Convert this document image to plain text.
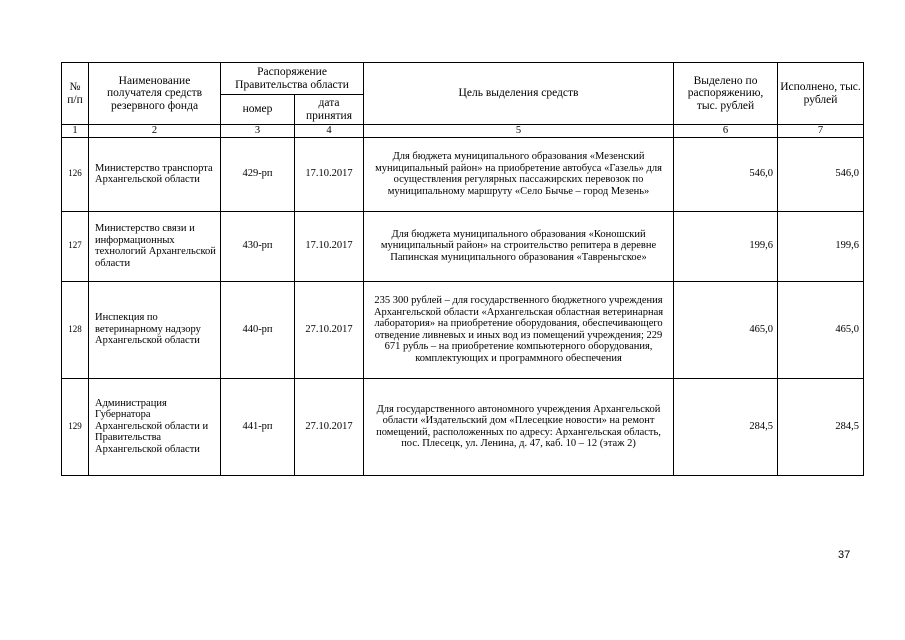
№ п/п	Наименование получателя средств резервного фонда	Распоряжение Правительства области		Цель выделения средств	Выделено по распоряжению, тыс. рублей	Исполнено, тыс. рублей
		номер	дата принятия			
1	2	3	4	5	6	7
126	Министерство транспорта Архангельской области	429-рп	17.10.2017	Для бюджета муниципального образования «Мезенский муниципальный район» на приобретение автобуса «Газель» для осуществления регулярных пассажирских перевозок по муниципальному маршруту «Село Бычье – город Мезень»	546,0	546,0
127	Министерство связи и информационных технологий Архангельской области	430-рп	17.10.2017	Для бюджета муниципального образования «Коношский муниципальный район» на строительство репитера в деревне Папинская муниципального образования «Тавреньгское»	199,6	199,6
128	Инспекция по ветеринарному надзору Архангельской области	440-рп	27.10.2017	235 300 рублей – для государственного бюджетного учреждения Архангельской области «Архангельская областная ветеринарная лаборатория» на приобретение оборудования, обеспечивающего отведение ливневых и иных вод из помещений учреждения; 229 671 рубль – на приобретение компьютерного оборудования, комплектующих и программного обеспечения	465,0	465,0
129	Администрация Губернатора Архангельской области и Правительства Архангельской области	441-рп	27.10.2017	Для государственного автономного учреждения Архангельской области «Издательский дом «Плесецкие новости» на ремонт помещений, расположенных по адресу: Архангельская область, пос. Плесецк, ул. Ленина, д. 47, каб. 10 – 12 (этаж 2)	284,5	284,5
37
